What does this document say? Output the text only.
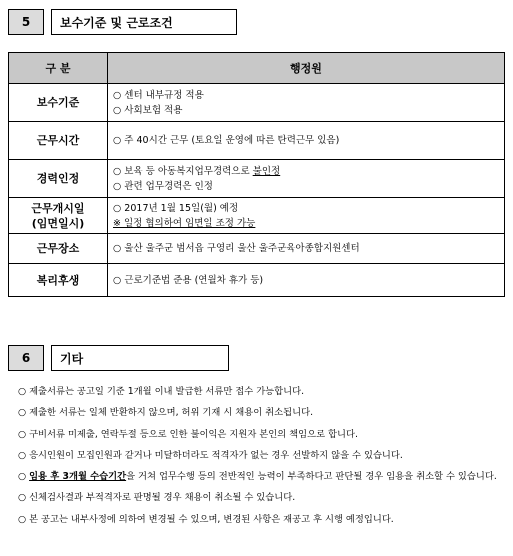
5	보수기준 및 근로조건
구 분	행정원
보수기준	○ 센터 내부규정 적용
○ 사회보험 적용

근무시간	○ 주 40시간 근무 (토요일 운영에 따른 탄력근무 있음)

경력인정	○ 보육 등 아동복지업무경력으로 불인정
○ 관련 업무경력은 인정

근무개시일
(임면일시)	○ 2017년 1월 15일(월) 예정
※ 일정 협의하여 임면일 조정 가능

근무장소	○ 울산 울주군 범서읍 구영리 울산 울주군육아종합지원센터

복리후생	○ 근로기준법 준용 (연월차 휴가 등)
6	기타
○ 제출서류는 공고일 기준 1개월 이내 발급한 서류만 접수 가능합니다.
○ 제출한 서류는 일체 반환하지 않으며, 허위 기재 시 채용이 취소됩니다.
○ 구비서류 미제출, 연락두절 등으로 인한 불이익은 지원자 본인의 책임으로 합니다.
○ 응시인원이 모집인원과 같거나 미달하더라도 적격자가 없는 경우 선발하지 않을 수 있습니다.
○ 임용 후 3개월 수습기간을 거쳐 업무수행 등의 전반적인 능력이 부족하다고 판단될 경우 임용을 취소할 수 있습니다.
○ 신체검사결과 부적격자로 판명될 경우 채용이 취소될 수 있습니다.
○ 본 공고는 내부사정에 의하여 변경될 수 있으며, 변경된 사항은 재공고 후 시행 예정입니다.
